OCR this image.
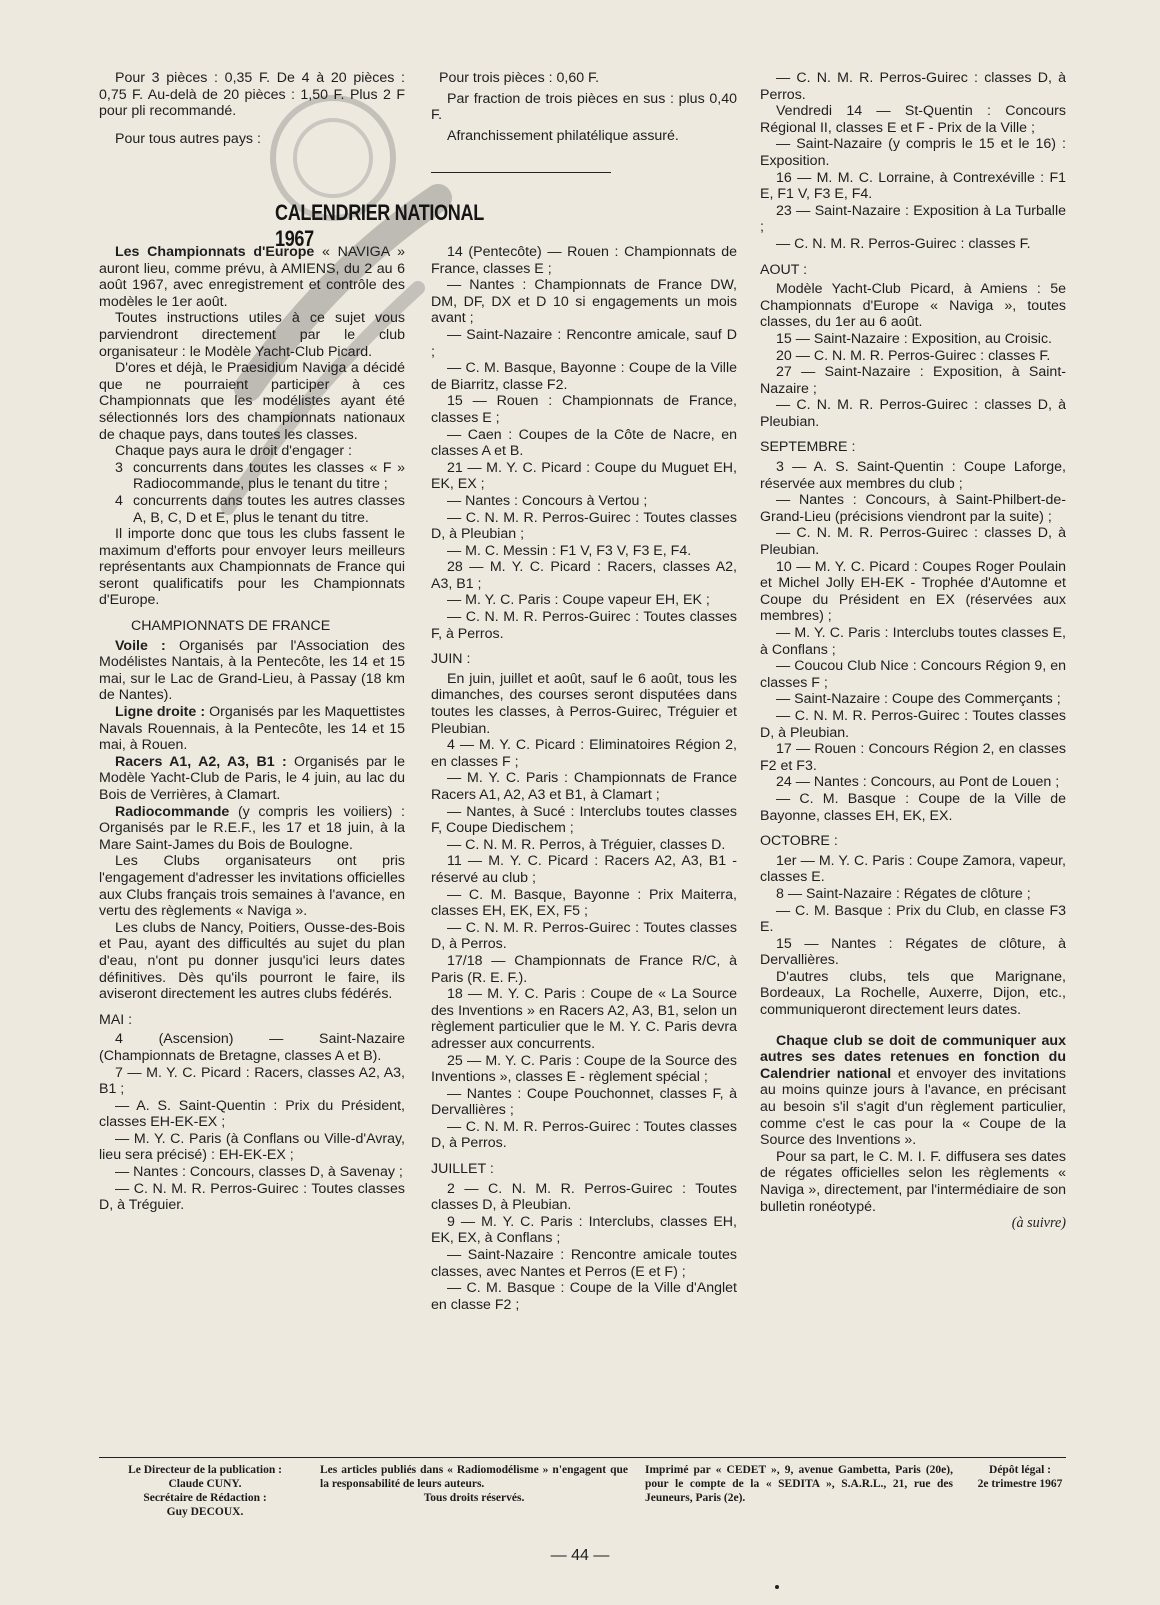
Pour 3 pièces : 0,35 F. De 4 à 20 pièces : 0,75 F. Au-delà de 20 pièces : 1,50 F. Plus 2 F pour pli recommandé.

Pour tous autres pays :

Pour trois pièces : 0,60 F.

Par fraction de trois pièces en sus : plus 0,40 F.

Afranchissement philatélique assuré.

CALENDRIER NATIONAL 1967

Les Championnats d'Europe « NAVIGA » auront lieu, comme prévu, à AMIENS, du 2 au 6 août 1967, avec enregistrement et contrôle des modèles le 1er août.

Toutes instructions utiles à ce sujet vous parviendront directement par le club organisateur : le Modèle Yacht-Club Picard.

D'ores et déjà, le Praesidium Naviga a décidé que ne pourraient participer à ces Championnats que les modélistes ayant été sélectionnés lors des championnats nationaux de chaque pays, dans toutes les classes.

Chaque pays aura le droit d'engager :

3 concurrents dans toutes les classes « F » Radiocommande, plus le tenant du titre ;

4 concurrents dans toutes les autres classes A, B, C, D et E, plus le tenant du titre.

Il importe donc que tous les clubs fassent le maximum d'efforts pour envoyer leurs meilleurs représentants aux Championnats de France qui seront qualificatifs pour les Championnats d'Europe.

CHAMPIONNATS DE FRANCE

Voile : Organisés par l'Association des Modélistes Nantais, à la Pentecôte, les 14 et 15 mai, sur le Lac de Grand-Lieu, à Passay (18 km de Nantes).

Ligne droite : Organisés par les Maquettistes Navals Rouennais, à la Pentecôte, les 14 et 15 mai, à Rouen.

Racers A1, A2, A3, B1 : Organisés par le Modèle Yacht-Club de Paris, le 4 juin, au lac du Bois de Verrières, à Clamart.

Radiocommande (y compris les voiliers) : Organisés par le R.E.F., les 17 et 18 juin, à la Mare Saint-James du Bois de Boulogne.

Les Clubs organisateurs ont pris l'engagement d'adresser les invitations officielles aux Clubs français trois semaines à l'avance, en vertu des règlements « Naviga ».

Les clubs de Nancy, Poitiers, Ousse-des-Bois et Pau, ayant des difficultés au sujet du plan d'eau, n'ont pu donner jusqu'ici leurs dates définitives. Dès qu'ils pourront le faire, ils aviseront directement les autres clubs fédérés.

MAI :

4 (Ascension) — Saint-Nazaire (Championnats de Bretagne, classes A et B).

7 — M. Y. C. Picard : Racers, classes A2, A3, B1 ;

— A. S. Saint-Quentin : Prix du Président, classes EH-EK-EX ;

— M. Y. C. Paris (à Conflans ou Ville-d'Avray, lieu sera précisé) : EH-EK-EX ;

— Nantes : Concours, classes D, à Savenay ;

— C. N. M. R. Perros-Guirec : Toutes classes D, à Tréguier.

14 (Pentecôte) — Rouen : Championnats de France, classes E ;

— Nantes : Championnats de France DW, DM, DF, DX et D 10 si engagements un mois avant ;

— Saint-Nazaire : Rencontre amicale, sauf D ;

— C. M. Basque, Bayonne : Coupe de la Ville de Biarritz, classe F2.

15 — Rouen : Championnats de France, classes E ;

— Caen : Coupes de la Côte de Nacre, en classes A et B.

21 — M. Y. C. Picard : Coupe du Muguet EH, EK, EX ;

— Nantes : Concours à Vertou ;

— C. N. M. R. Perros-Guirec : Toutes classes D, à Pleubian ;

— M. C. Messin : F1 V, F3 V, F3 E, F4.

28 — M. Y. C. Picard : Racers, classes A2, A3, B1 ;

— M. Y. C. Paris : Coupe vapeur EH, EK ;

— C. N. M. R. Perros-Guirec : Toutes classes F, à Perros.

JUIN :

En juin, juillet et août, sauf le 6 août, tous les dimanches, des courses seront disputées dans toutes les classes, à Perros-Guirec, Tréguier et Pleubian.

4 — M. Y. C. Picard : Eliminatoires Région 2, en classes F ;

— M. Y. C. Paris : Championnats de France Racers A1, A2, A3 et B1, à Clamart ;

— Nantes, à Sucé : Interclubs toutes classes F, Coupe Diedischem ;

— C. N. M. R. Perros, à Tréguier, classes D.

11 — M. Y. C. Picard : Racers A2, A3, B1 - réservé au club ;

— C. M. Basque, Bayonne : Prix Maiterra, classes EH, EK, EX, F5 ;

— C. N. M. R. Perros-Guirec : Toutes classes D, à Perros.

17/18 — Championnats de France R/C, à Paris (R. E. F.).

18 — M. Y. C. Paris : Coupe de « La Source des Inventions » en Racers A2, A3, B1, selon un règlement particulier que le M. Y. C. Paris devra adresser aux concurrents.

25 — M. Y. C. Paris : Coupe de la Source des Inventions », classes E - règlement spécial ;

— Nantes : Coupe Pouchonnet, classes F, à Dervallières ;

— C. N. M. R. Perros-Guirec : Toutes classes D, à Perros.

JUILLET :

2 — C. N. M. R. Perros-Guirec : Toutes classes D, à Pleubian.

9 — M. Y. C. Paris : Interclubs, classes EH, EK, EX, à Conflans ;

— Saint-Nazaire : Rencontre amicale toutes classes, avec Nantes et Perros (E et F) ;

— C. M. Basque : Coupe de la Ville d'Anglet en classe F2 ;

— C. N. M. R. Perros-Guirec : classes D, à Perros.

Vendredi 14 — St-Quentin : Concours Régional II, classes E et F - Prix de la Ville ;

— Saint-Nazaire (y compris le 15 et le 16) : Exposition.

16 — M. M. C. Lorraine, à Contrexéville : F1 E, F1 V, F3 E, F4.

23 — Saint-Nazaire : Exposition à La Turballe ;

— C. N. M. R. Perros-Guirec : classes F.

AOUT :

Modèle Yacht-Club Picard, à Amiens : 5e Championnats d'Europe « Naviga », toutes classes, du 1er au 6 août.

15 — Saint-Nazaire : Exposition, au Croisic.

20 — C. N. M. R. Perros-Guirec : classes F.

27 — Saint-Nazaire : Exposition, à Saint-Nazaire ;

— C. N. M. R. Perros-Guirec : classes D, à Pleubian.

SEPTEMBRE :

3 — A. S. Saint-Quentin : Coupe Laforge, réservée aux membres du club ;

— Nantes : Concours, à Saint-Philbert-de-Grand-Lieu (précisions viendront par la suite) ;

— C. N. M. R. Perros-Guirec : classes D, à Pleubian.

10 — M. Y. C. Picard : Coupes Roger Poulain et Michel Jolly EH-EK - Trophée d'Automne et Coupe du Président en EX (réservées aux membres) ;

— M. Y. C. Paris : Interclubs toutes classes E, à Conflans ;

— Coucou Club Nice : Concours Région 9, en classes F ;

— Saint-Nazaire : Coupe des Commerçants ;

— C. N. M. R. Perros-Guirec : Toutes classes D, à Pleubian.

17 — Rouen : Concours Région 2, en classes F2 et F3.

24 — Nantes : Concours, au Pont de Louen ;

— C. M. Basque : Coupe de la Ville de Bayonne, classes EH, EK, EX.

OCTOBRE :

1er — M. Y. C. Paris : Coupe Zamora, vapeur, classes E.

8 — Saint-Nazaire : Régates de clôture ;

— C. M. Basque : Prix du Club, en classe F3 E.

15 — Nantes : Régates de clôture, à Dervallières.

D'autres clubs, tels que Marignane, Bordeaux, La Rochelle, Auxerre, Dijon, etc., communiqueront directement leurs dates.

Chaque club se doit de communiquer aux autres ses dates retenues en fonction du Calendrier national et envoyer des invitations au moins quinze jours à l'avance, en précisant au besoin s'il s'agit d'un règlement particulier, comme c'est le cas pour la « Coupe de la Source des Inventions ».

Pour sa part, le C. M. I. F. diffusera ses dates de régates officielles selon les règlements « Naviga », directement, par l'intermédiaire de son bulletin ronéotypé.

(à suivre)

Le Directeur de la publication :
Claude CUNY.
Secrétaire de Rédaction :
Guy DECOUX.
Les articles publiés dans « Radiomodélisme » n'engagent que la responsabilité de leurs auteurs.
Tous droits réservés.
Imprimé par « CEDET », 9, avenue Gambetta, Paris (20e), pour le compte de la « SEDITA », S.A.R.L., 21, rue des Jeuneurs, Paris (2e).
Dépôt légal :
2e trimestre 1967
— 44 —
